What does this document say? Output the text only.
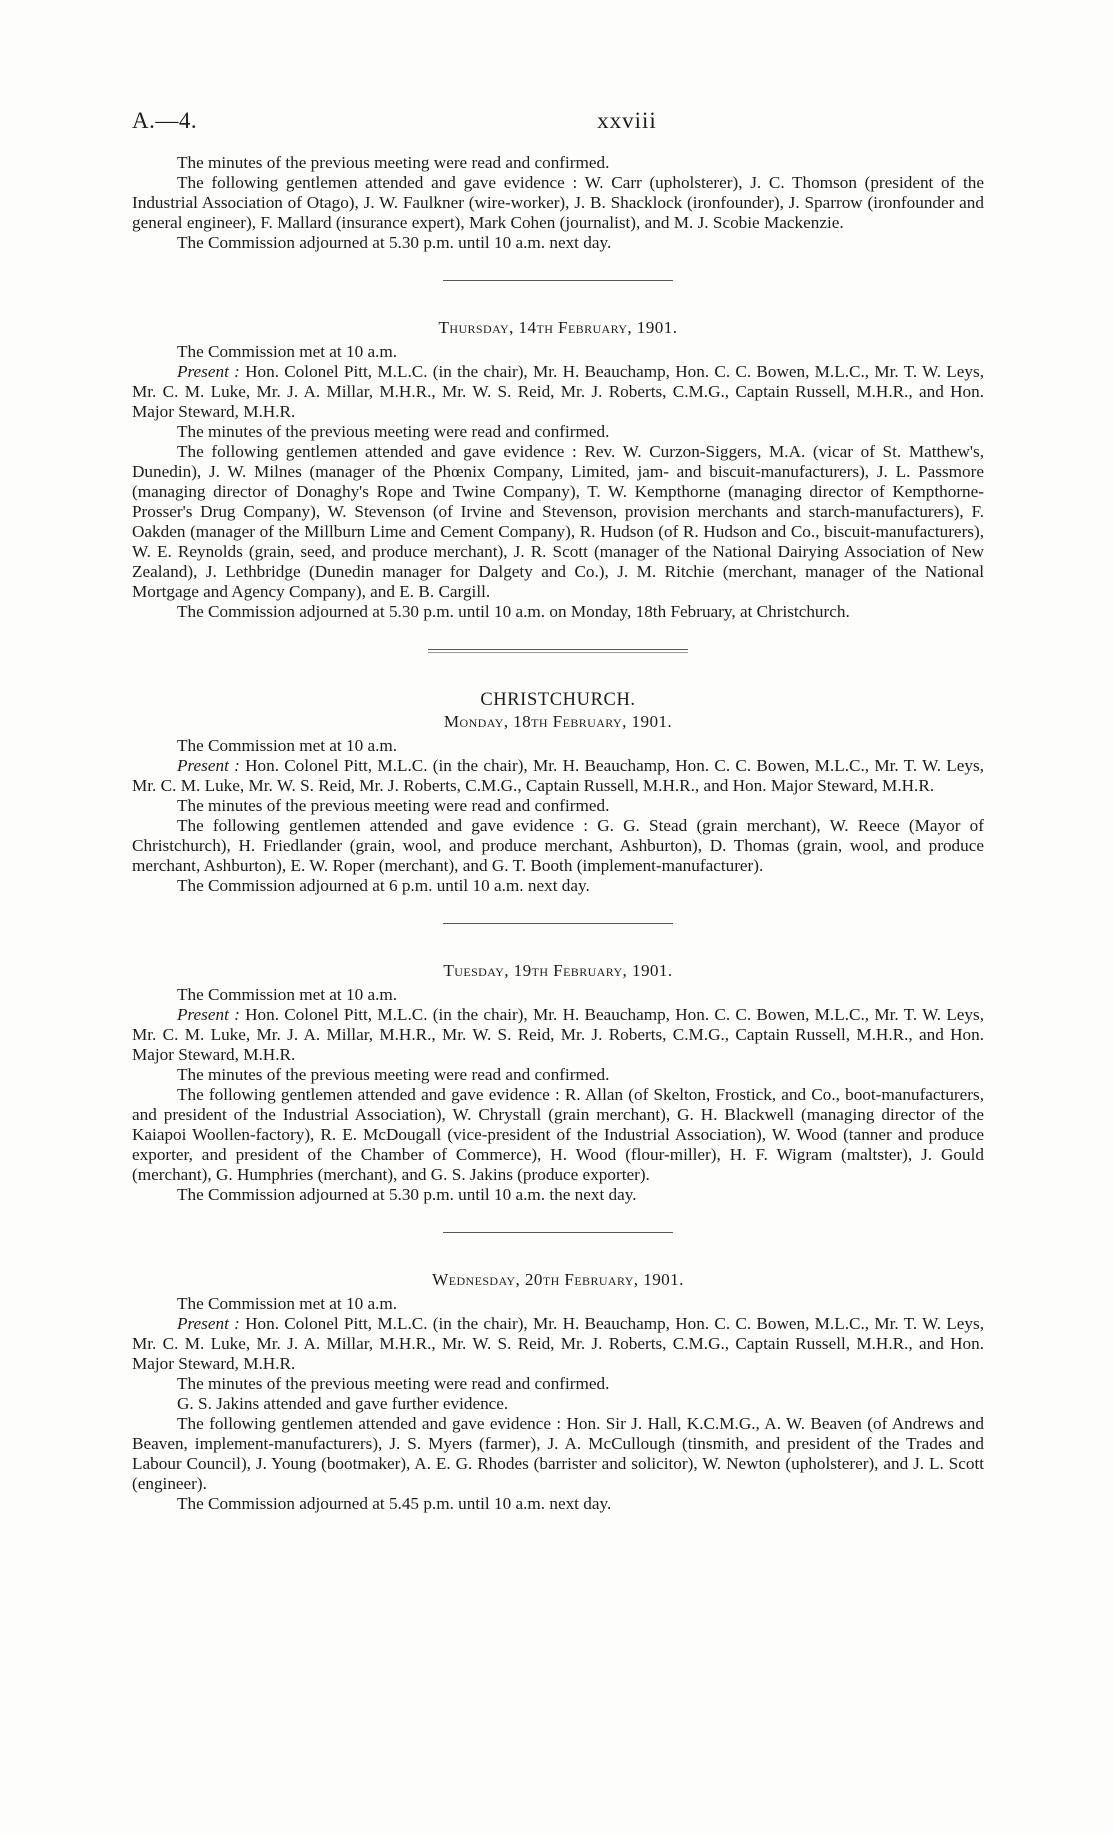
A.—4.	xxviii

The minutes of the previous meeting were read and confirmed.

The following gentlemen attended and gave evidence : W. Carr (upholsterer), J. C. Thomson (president of the Industrial Association of Otago), J. W. Faulkner (wire-worker), J. B. Shacklock (ironfounder), J. Sparrow (ironfounder and general engineer), F. Mallard (insurance expert), Mark Cohen (journalist), and M. J. Scobie Mackenzie.

The Commission adjourned at 5.30 p.m. until 10 a.m. next day.

Thursday, 14th February, 1901.

The Commission met at 10 a.m.

Present : Hon. Colonel Pitt, M.L.C. (in the chair), Mr. H. Beauchamp, Hon. C. C. Bowen, M.L.C., Mr. T. W. Leys, Mr. C. M. Luke, Mr. J. A. Millar, M.H.R., Mr. W. S. Reid, Mr. J. Roberts, C.M.G., Captain Russell, M.H.R., and Hon. Major Steward, M.H.R.

The minutes of the previous meeting were read and confirmed.

The following gentlemen attended and gave evidence : Rev. W. Curzon-Siggers, M.A. (vicar of St. Matthew's, Dunedin), J. W. Milnes (manager of the Phœnix Company, Limited, jam- and biscuit-manufacturers), J. L. Passmore (managing director of Donaghy's Rope and Twine Company), T. W. Kempthorne (managing director of Kempthorne-Prosser's Drug Company), W. Stevenson (of Irvine and Stevenson, provision merchants and starch-manufacturers), F. Oakden (manager of the Millburn Lime and Cement Company), R. Hudson (of R. Hudson and Co., biscuit-manufacturers), W. E. Reynolds (grain, seed, and produce merchant), J. R. Scott (manager of the National Dairying Association of New Zealand), J. Lethbridge (Dunedin manager for Dalgety and Co.), J. M. Ritchie (merchant, manager of the National Mortgage and Agency Company), and E. B. Cargill.

The Commission adjourned at 5.30 p.m. until 10 a.m. on Monday, 18th February, at Christchurch.

CHRISTCHURCH.
Monday, 18th February, 1901.

The Commission met at 10 a.m.

Present : Hon. Colonel Pitt, M.L.C. (in the chair), Mr. H. Beauchamp, Hon. C. C. Bowen, M.L.C., Mr. T. W. Leys, Mr. C. M. Luke, Mr. W. S. Reid, Mr. J. Roberts, C.M.G., Captain Russell, M.H.R., and Hon. Major Steward, M.H.R.

The minutes of the previous meeting were read and confirmed.

The following gentlemen attended and gave evidence : G. G. Stead (grain merchant), W. Reece (Mayor of Christchurch), H. Friedlander (grain, wool, and produce merchant, Ashburton), D. Thomas (grain, wool, and produce merchant, Ashburton), E. W. Roper (merchant), and G. T. Booth (implement-manufacturer).

The Commission adjourned at 6 p.m. until 10 a.m. next day.

Tuesday, 19th February, 1901.

The Commission met at 10 a.m.

Present : Hon. Colonel Pitt, M.L.C. (in the chair), Mr. H. Beauchamp, Hon. C. C. Bowen, M.L.C., Mr. T. W. Leys, Mr. C. M. Luke, Mr. J. A. Millar, M.H.R., Mr. W. S. Reid, Mr. J. Roberts, C.M.G., Captain Russell, M.H.R., and Hon. Major Steward, M.H.R.

The minutes of the previous meeting were read and confirmed.

The following gentlemen attended and gave evidence : R. Allan (of Skelton, Frostick, and Co., boot-manufacturers, and president of the Industrial Association), W. Chrystall (grain merchant), G. H. Blackwell (managing director of the Kaiapoi Woollen-factory), R. E. McDougall (vice-president of the Industrial Association), W. Wood (tanner and produce exporter, and president of the Chamber of Commerce), H. Wood (flour-miller), H. F. Wigram (maltster), J. Gould (merchant), G. Humphries (merchant), and G. S. Jakins (produce exporter).

The Commission adjourned at 5.30 p.m. until 10 a.m. the next day.

Wednesday, 20th February, 1901.

The Commission met at 10 a.m.

Present : Hon. Colonel Pitt, M.L.C. (in the chair), Mr. H. Beauchamp, Hon. C. C. Bowen, M.L.C., Mr. T. W. Leys, Mr. C. M. Luke, Mr. J. A. Millar, M.H.R., Mr. W. S. Reid, Mr. J. Roberts, C.M.G., Captain Russell, M.H.R., and Hon. Major Steward, M.H.R.

The minutes of the previous meeting were read and confirmed.

G. S. Jakins attended and gave further evidence.

The following gentlemen attended and gave evidence : Hon. Sir J. Hall, K.C.M.G., A. W. Beaven (of Andrews and Beaven, implement-manufacturers), J. S. Myers (farmer), J. A. McCullough (tinsmith, and president of the Trades and Labour Council), J. Young (bootmaker), A. E. G. Rhodes (barrister and solicitor), W. Newton (upholsterer), and J. L. Scott (engineer).

The Commission adjourned at 5.45 p.m. until 10 a.m. next day.
